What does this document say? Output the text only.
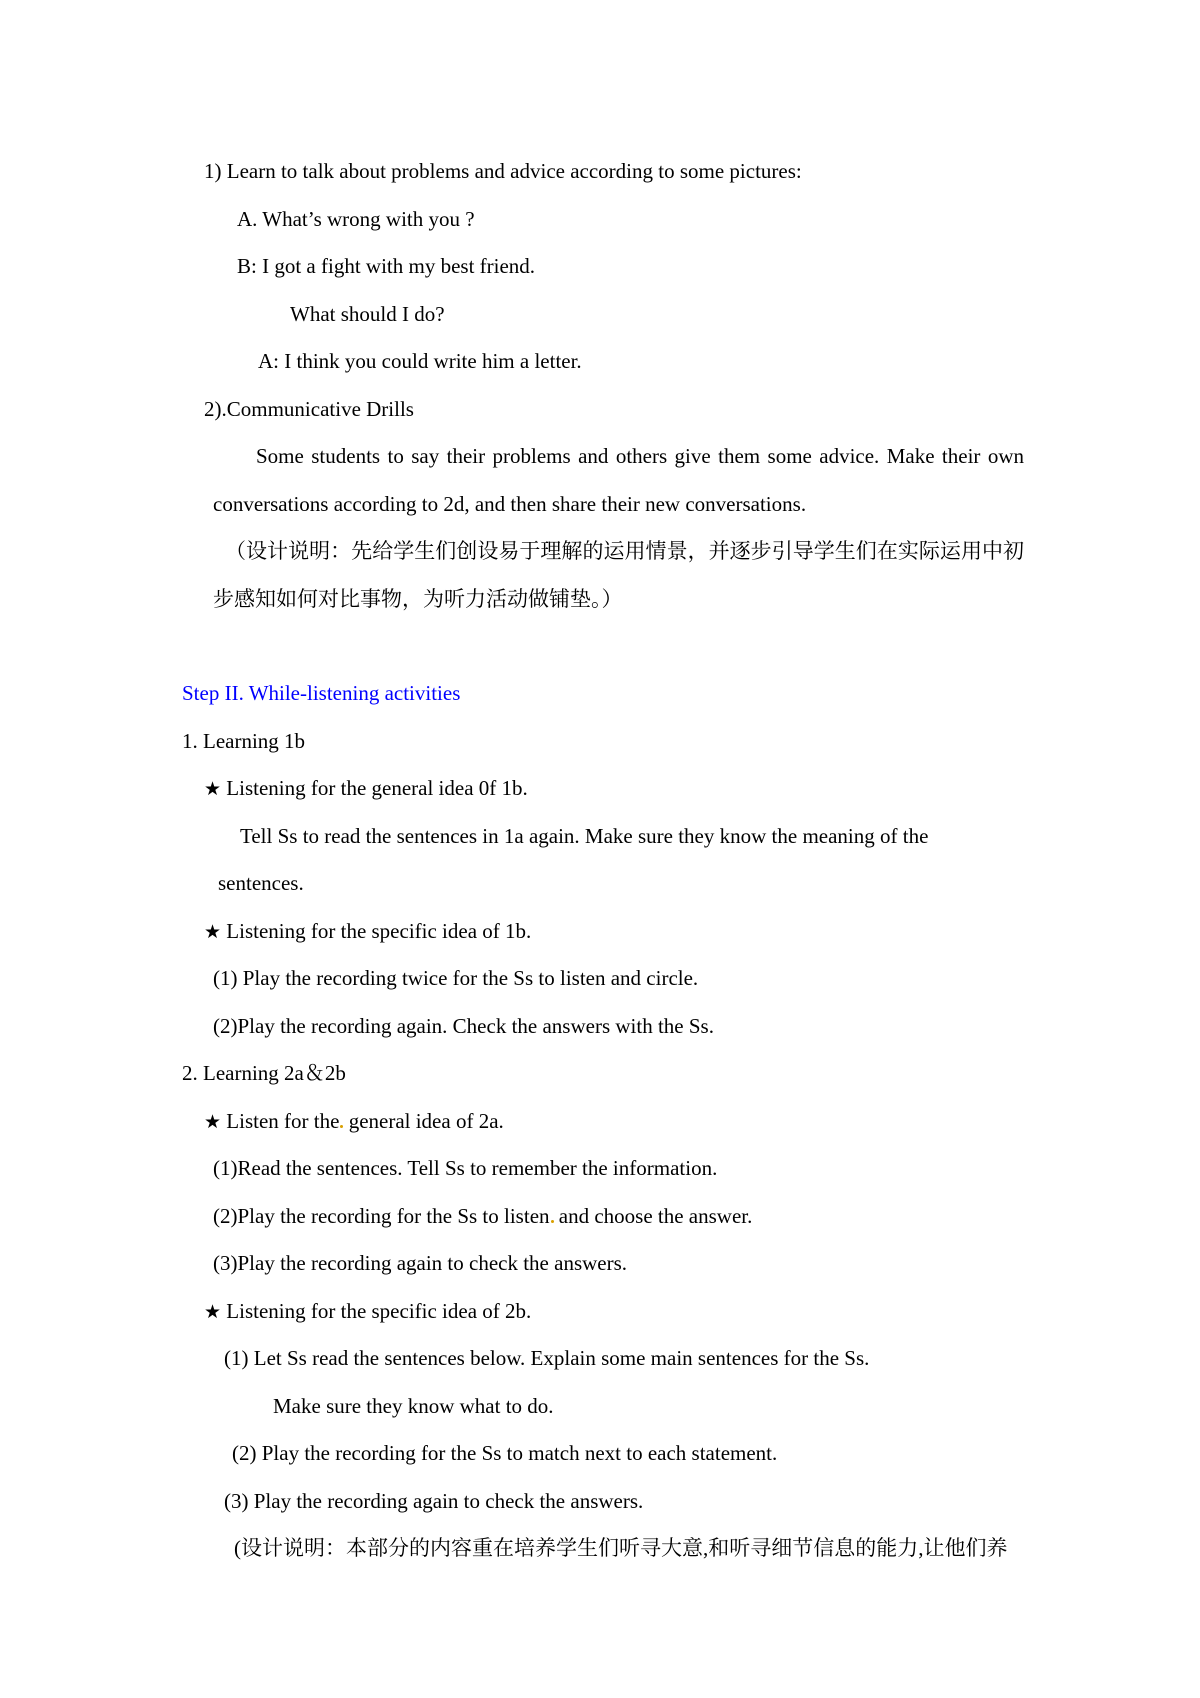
1) Learn to talk about problems and advice according to some pictures:
A. What’s wrong with you ?
B: I got a fight with my best friend.
What should I do?
A: I think you could write him a letter.
2).Communicative Drills
Some students to say their problems and others give them some advice. Make their own
conversations according to 2d, and then share their new conversations.
（设计说明：先给学生们创设易于理解的运用情景，并逐步引导学生们在实际运用中初
步感知如何对比事物，为听力活动做铺垫。）
Step II. While-listening activities
1. Learning 1b
★ Listening for the general idea 0f 1b.
Tell Ss to read the sentences in 1a again. Make sure they know the meaning of the
sentences.
★ Listening for the specific idea of 1b.
(1) Play the recording twice for the Ss to listen and circle.
(2)Play the recording again. Check the answers with the Ss.
2. Learning 2a＆2b
★ Listen for the general idea of 2a.
(1)Read the sentences. Tell Ss to remember the information.
(2)Play the recording for the Ss to listen and choose the answer.
(3)Play the recording again to check the answers.
★ Listening for the specific idea of 2b.
(1) Let Ss read the sentences below. Explain some main sentences for the Ss.
Make sure they know what to do.
(2) Play the recording for the Ss to match next to each statement.
(3) Play the recording again to check the answers.
(设计说明：本部分的内容重在培养学生们听寻大意,和听寻细节信息的能力,让他们养
